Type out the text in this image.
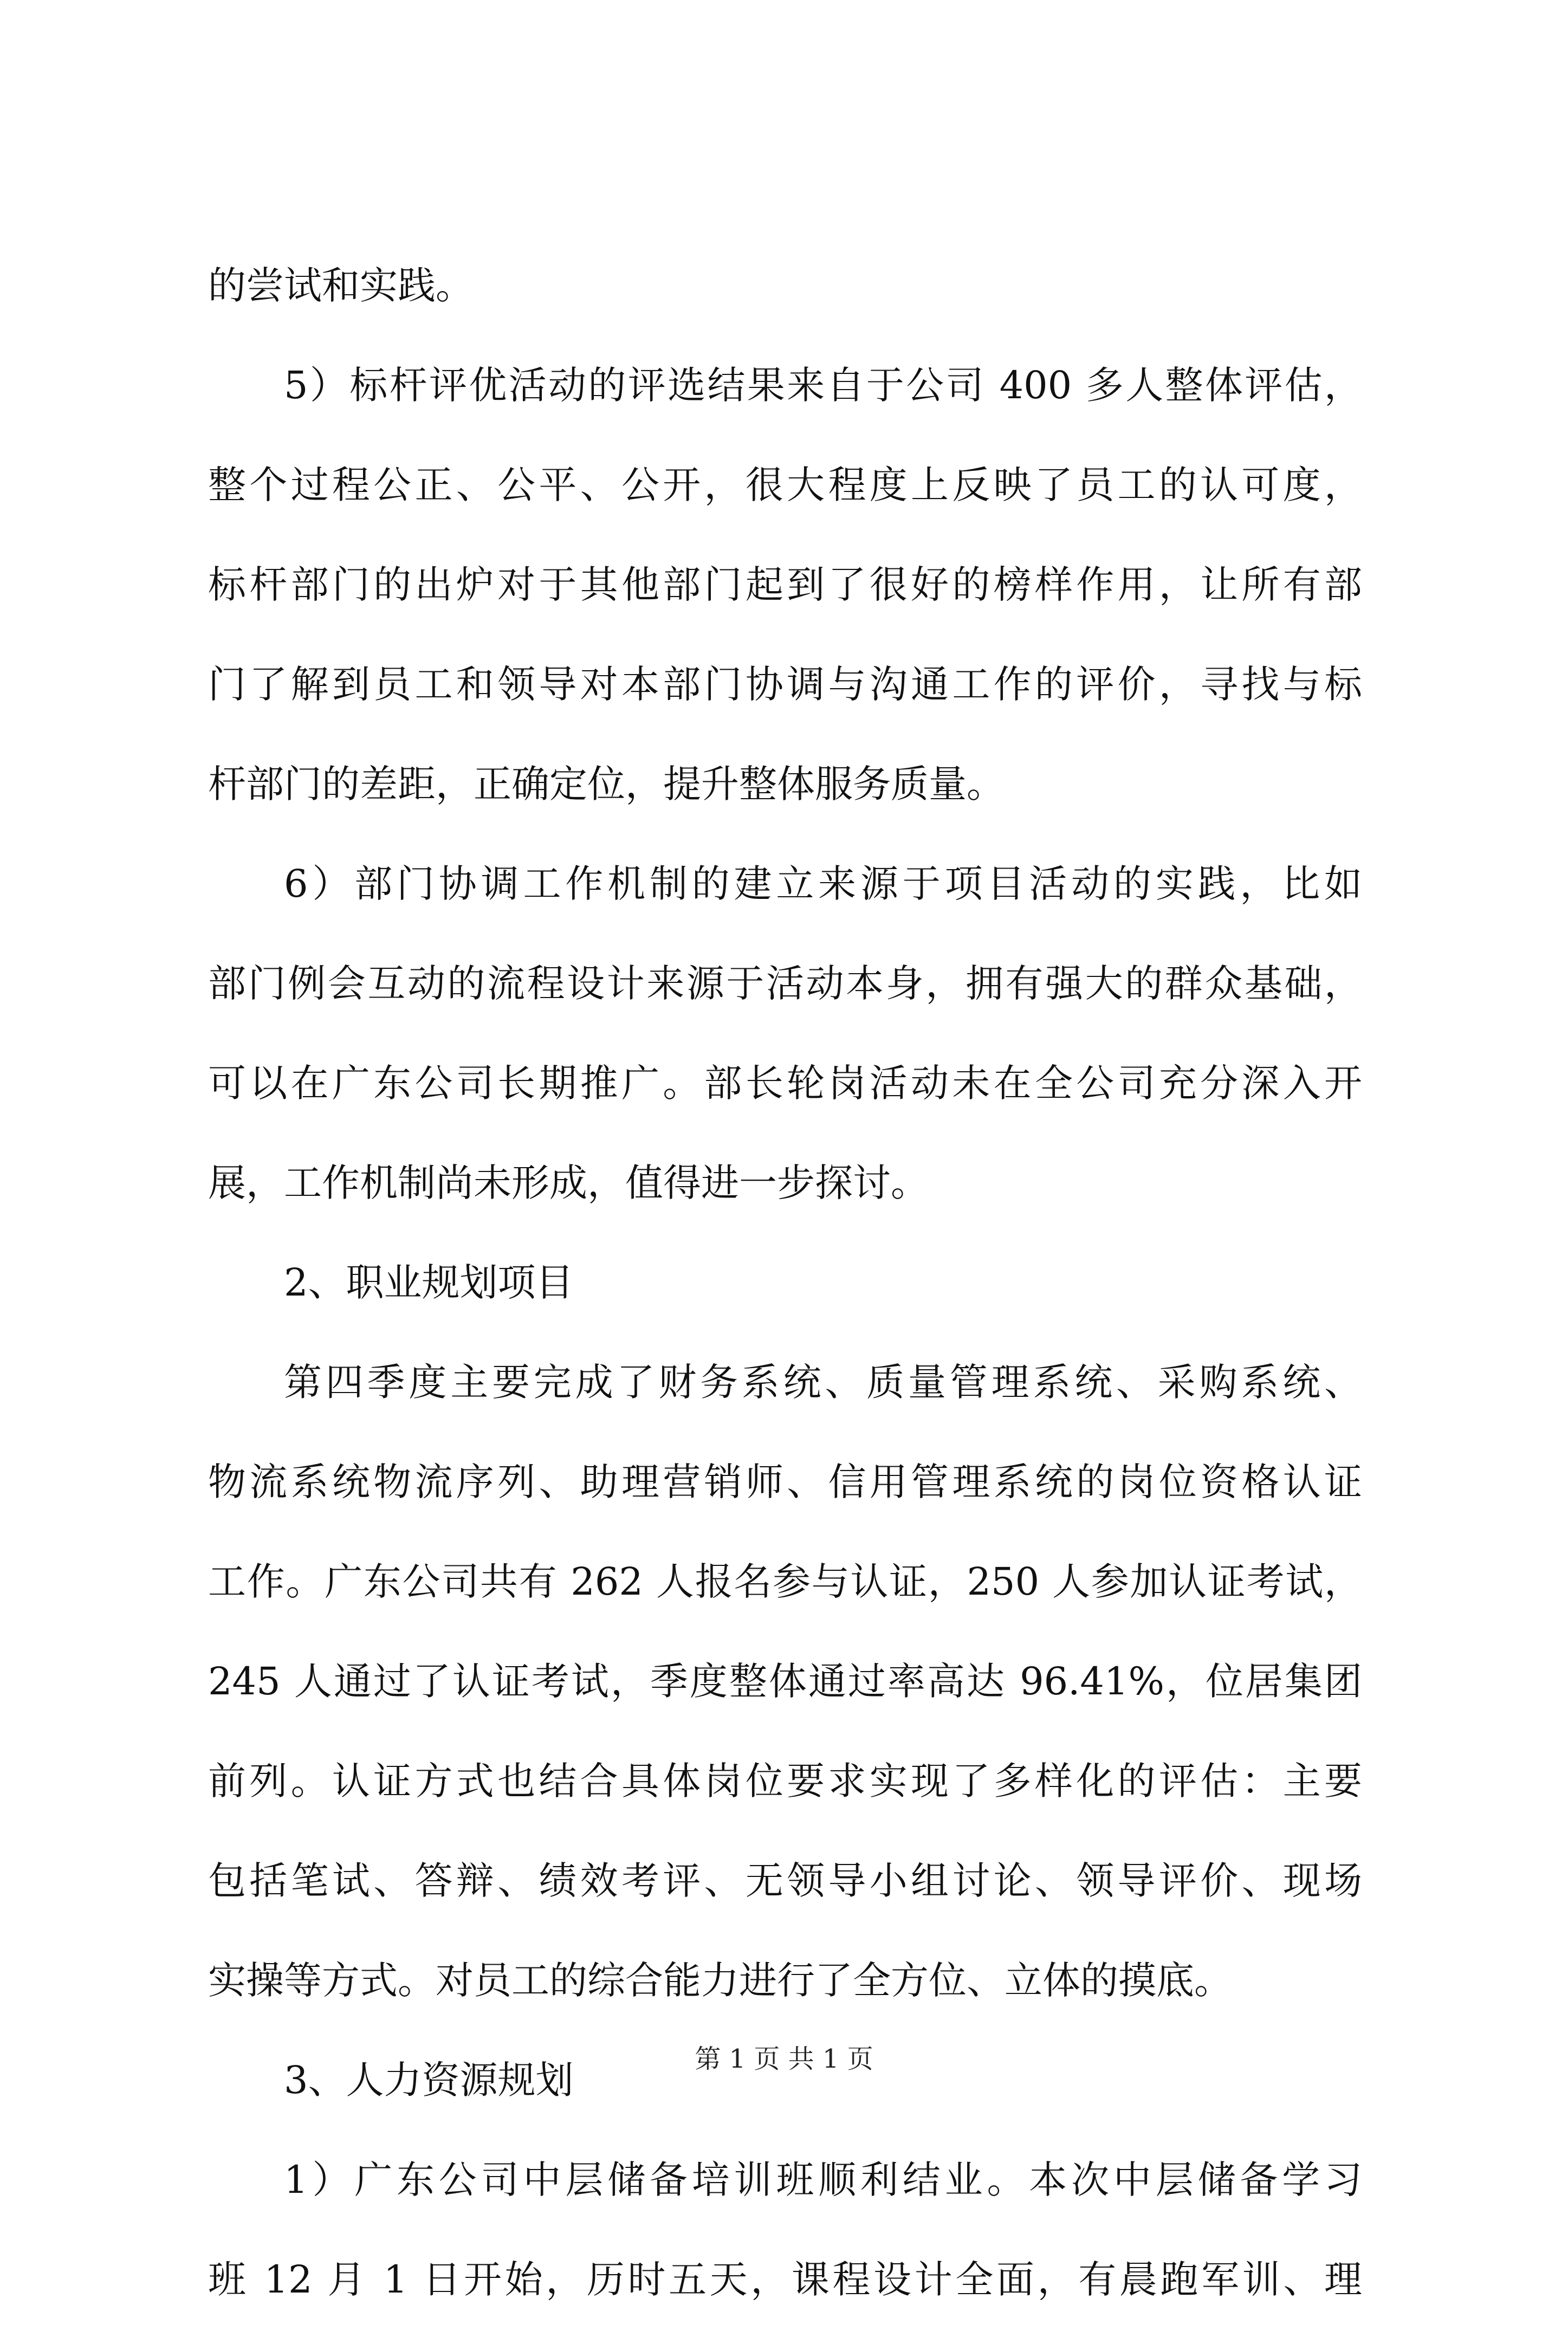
的尝试和实践。
5）标杆评优活动的评选结果来自于公司 400 多人整体评估，
整个过程公正、公平、公开，很大程度上反映了员工的认可度，
标杆部门的出炉对于其他部门起到了很好的榜样作用，让所有部
门了解到员工和领导对本部门协调与沟通工作的评价，寻找与标
杆部门的差距，正确定位，提升整体服务质量。
6）部门协调工作机制的建立来源于项目活动的实践，比如
部门例会互动的流程设计来源于活动本身，拥有强大的群众基础，
可以在广东公司长期推广。部长轮岗活动未在全公司充分深入开
展，工作机制尚未形成，值得进一步探讨。
2、职业规划项目
第四季度主要完成了财务系统、质量管理系统、采购系统、
物流系统物流序列、助理营销师、信用管理系统的岗位资格认证
工作。广东公司共有 262 人报名参与认证，250 人参加认证考试，
245 人通过了认证考试，季度整体通过率高达 96.41%，位居集团
前列。认证方式也结合具体岗位要求实现了多样化的评估：主要
包括笔试、答辩、绩效考评、无领导小组讨论、领导评价、现场
实操等方式。对员工的综合能力进行了全方位、立体的摸底。
3、人力资源规划
1）广东公司中层储备培训班顺利结业。本次中层储备学习
班 12 月 1 日开始，历时五天，课程设计全面，有晨跑军训、理
第 1 页 共 1 页
